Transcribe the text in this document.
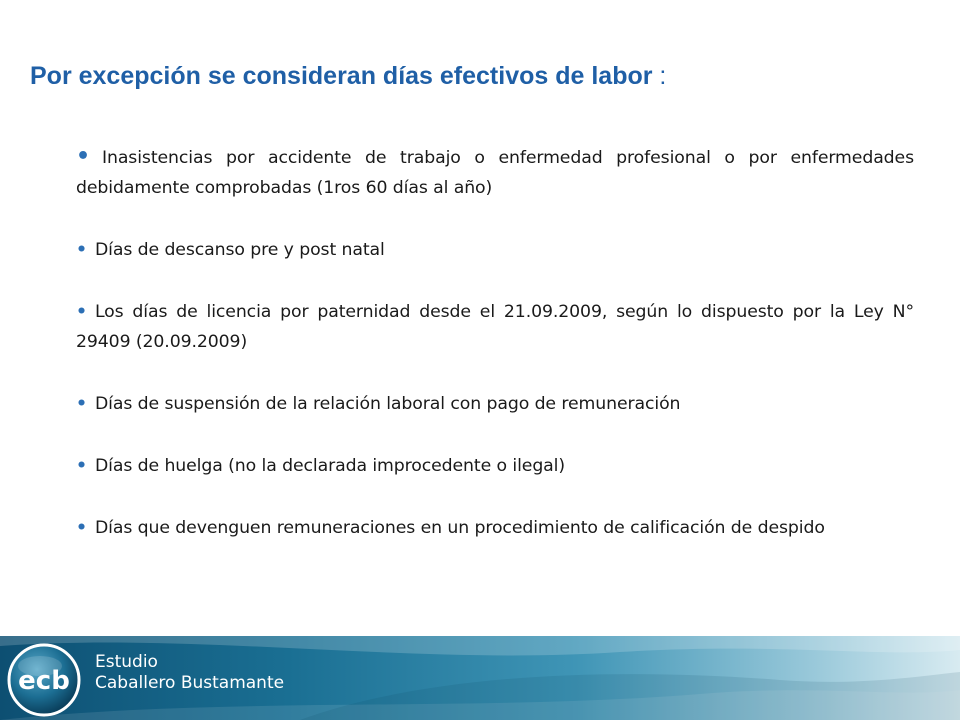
Por excepción se consideran días efectivos de labor :

• Inasistencias por accidente de trabajo o enfermedad profesional o por enfermedades debidamente comprobadas (1ros 60 días al año)

• Días de descanso pre y post natal

• Los días de licencia por paternidad desde el 21.09.2009, según lo dispuesto por la Ley N° 29409 (20.09.2009)

• Días de suspensión de la relación laboral con pago de remuneración

• Días de huelga (no la declarada improcedente o ilegal)

• Días que devenguen remuneraciones en un procedimiento de calificación de despido

ecb
Estudio
Caballero Bustamante
